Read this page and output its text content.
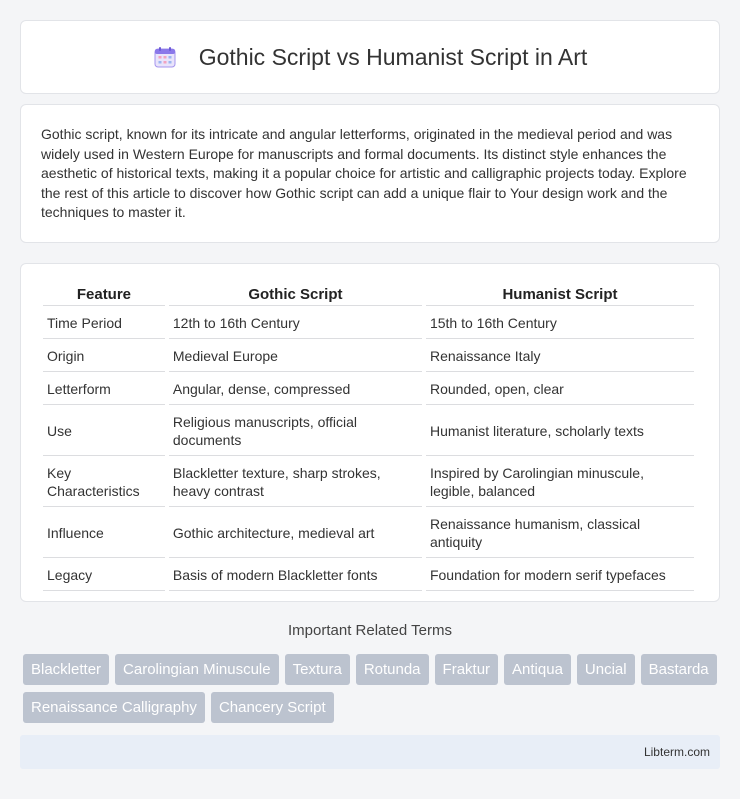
Gothic Script vs Humanist Script in Art

Gothic script, known for its intricate and angular letterforms, originated in the medieval period and was widely used in Western Europe for manuscripts and formal documents. Its distinct style enhances the aesthetic of historical texts, making it a popular choice for artistic and calligraphic projects today. Explore the rest of this article to discover how Gothic script can add a unique flair to Your design work and the techniques to master it.

Feature	Gothic Script	Humanist Script
Time Period	12th to 16th Century	15th to 16th Century
Origin	Medieval Europe	Renaissance Italy
Letterform	Angular, dense, compressed	Rounded, open, clear
Use	Religious manuscripts, official documents	Humanist literature, scholarly texts
Key Characteristics	Blackletter texture, sharp strokes, heavy contrast	Inspired by Carolingian minuscule, legible, balanced
Influence	Gothic architecture, medieval art	Renaissance humanism, classical antiquity
Legacy	Basis of modern Blackletter fonts	Foundation for modern serif typefaces
Important Related Terms
Blackletter	Carolingian Minuscule	Textura	Rotunda	Fraktur	Antiqua	Uncial	Bastarda
Renaissance Calligraphy	Chancery Script
Libterm.com
